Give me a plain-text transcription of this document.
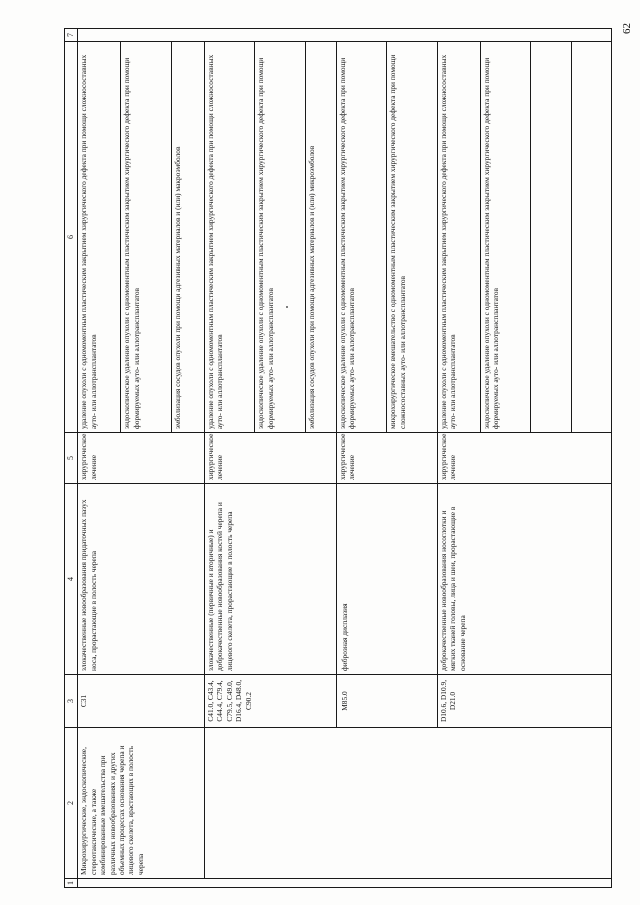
62
1	2	3	4	5	6	7
	Микрохирургические, эндоскопические, стереотаксические, а также комбинированные вмешательства при различных новообразованиях и других объемных процессах основания черепа и лицевого скелета, врастающих в полость черепа	C31	злокачественные новообразования придаточных пазух носа, прорастающие в полость черепа	хирургическое лечение	удаление опухоли с одномоментным пластическим закрытием хирургического дефекта при помощи сложносоставных ауто- или аллотрансплантатов	
					эндоскопическое удаление опухоли с одномоментным пластическим закрытием хирургического дефекта при помощи формируемых ауто- или аллотрансплантатов	
					эмболизация сосудов опухоли при помощи адгезивных материалов и (или) макроэмболов	
		C41.0, C43.4, C44.4, C79.4, C79.5, C49.0, D16.4, D48.0, C90.2	злокачественные (первичные и вторичные) и доброкачественные новообразования костей черепа и лицевого скелета, прорастающие в полость черепа	хирургическое лечение	удаление опухоли с одномоментным пластическим закрытием хирургического дефекта при помощи сложносоставных ауто- или аллотрансплантатов	
					эндоскопическое удаление опухоли с одномоментным пластическим закрытием хирургического дефекта при помощи формируемых ауто- или аллотрансплантатов	
					эмболизация сосудов опухоли при помощи адгезивных материалов и (или) микроэмболов	
		M85.0	фиброзная дисплазия	хирургическое лечение	эндоскопическое удаление опухоли с одномоментным пластическим закрытием хирургического дефекта при помощи формируемых ауто- или аллотрансплантатов	
					микрохирургическое вмешательство с одномоментным пластическим закрытием хирургического дефекта при помощи сложносоставных ауто- или аллотрансплантатов	
		D10.6, D10.9, D21.0	доброкачественные новообразования носоглотки и мягких тканей головы, лица и шеи, прорастающие в основание черепа	хирургическое лечение	удаление опухоли с одномоментным пластическим закрытием хирургического дефекта при помощи сложносоставных ауто- или аллотрансплантатов	
					эндоскопическое удаление опухоли с одномоментным пластическим закрытием хирургического дефекта при помощи формируемых ауто- или аллотрансплантатов	
